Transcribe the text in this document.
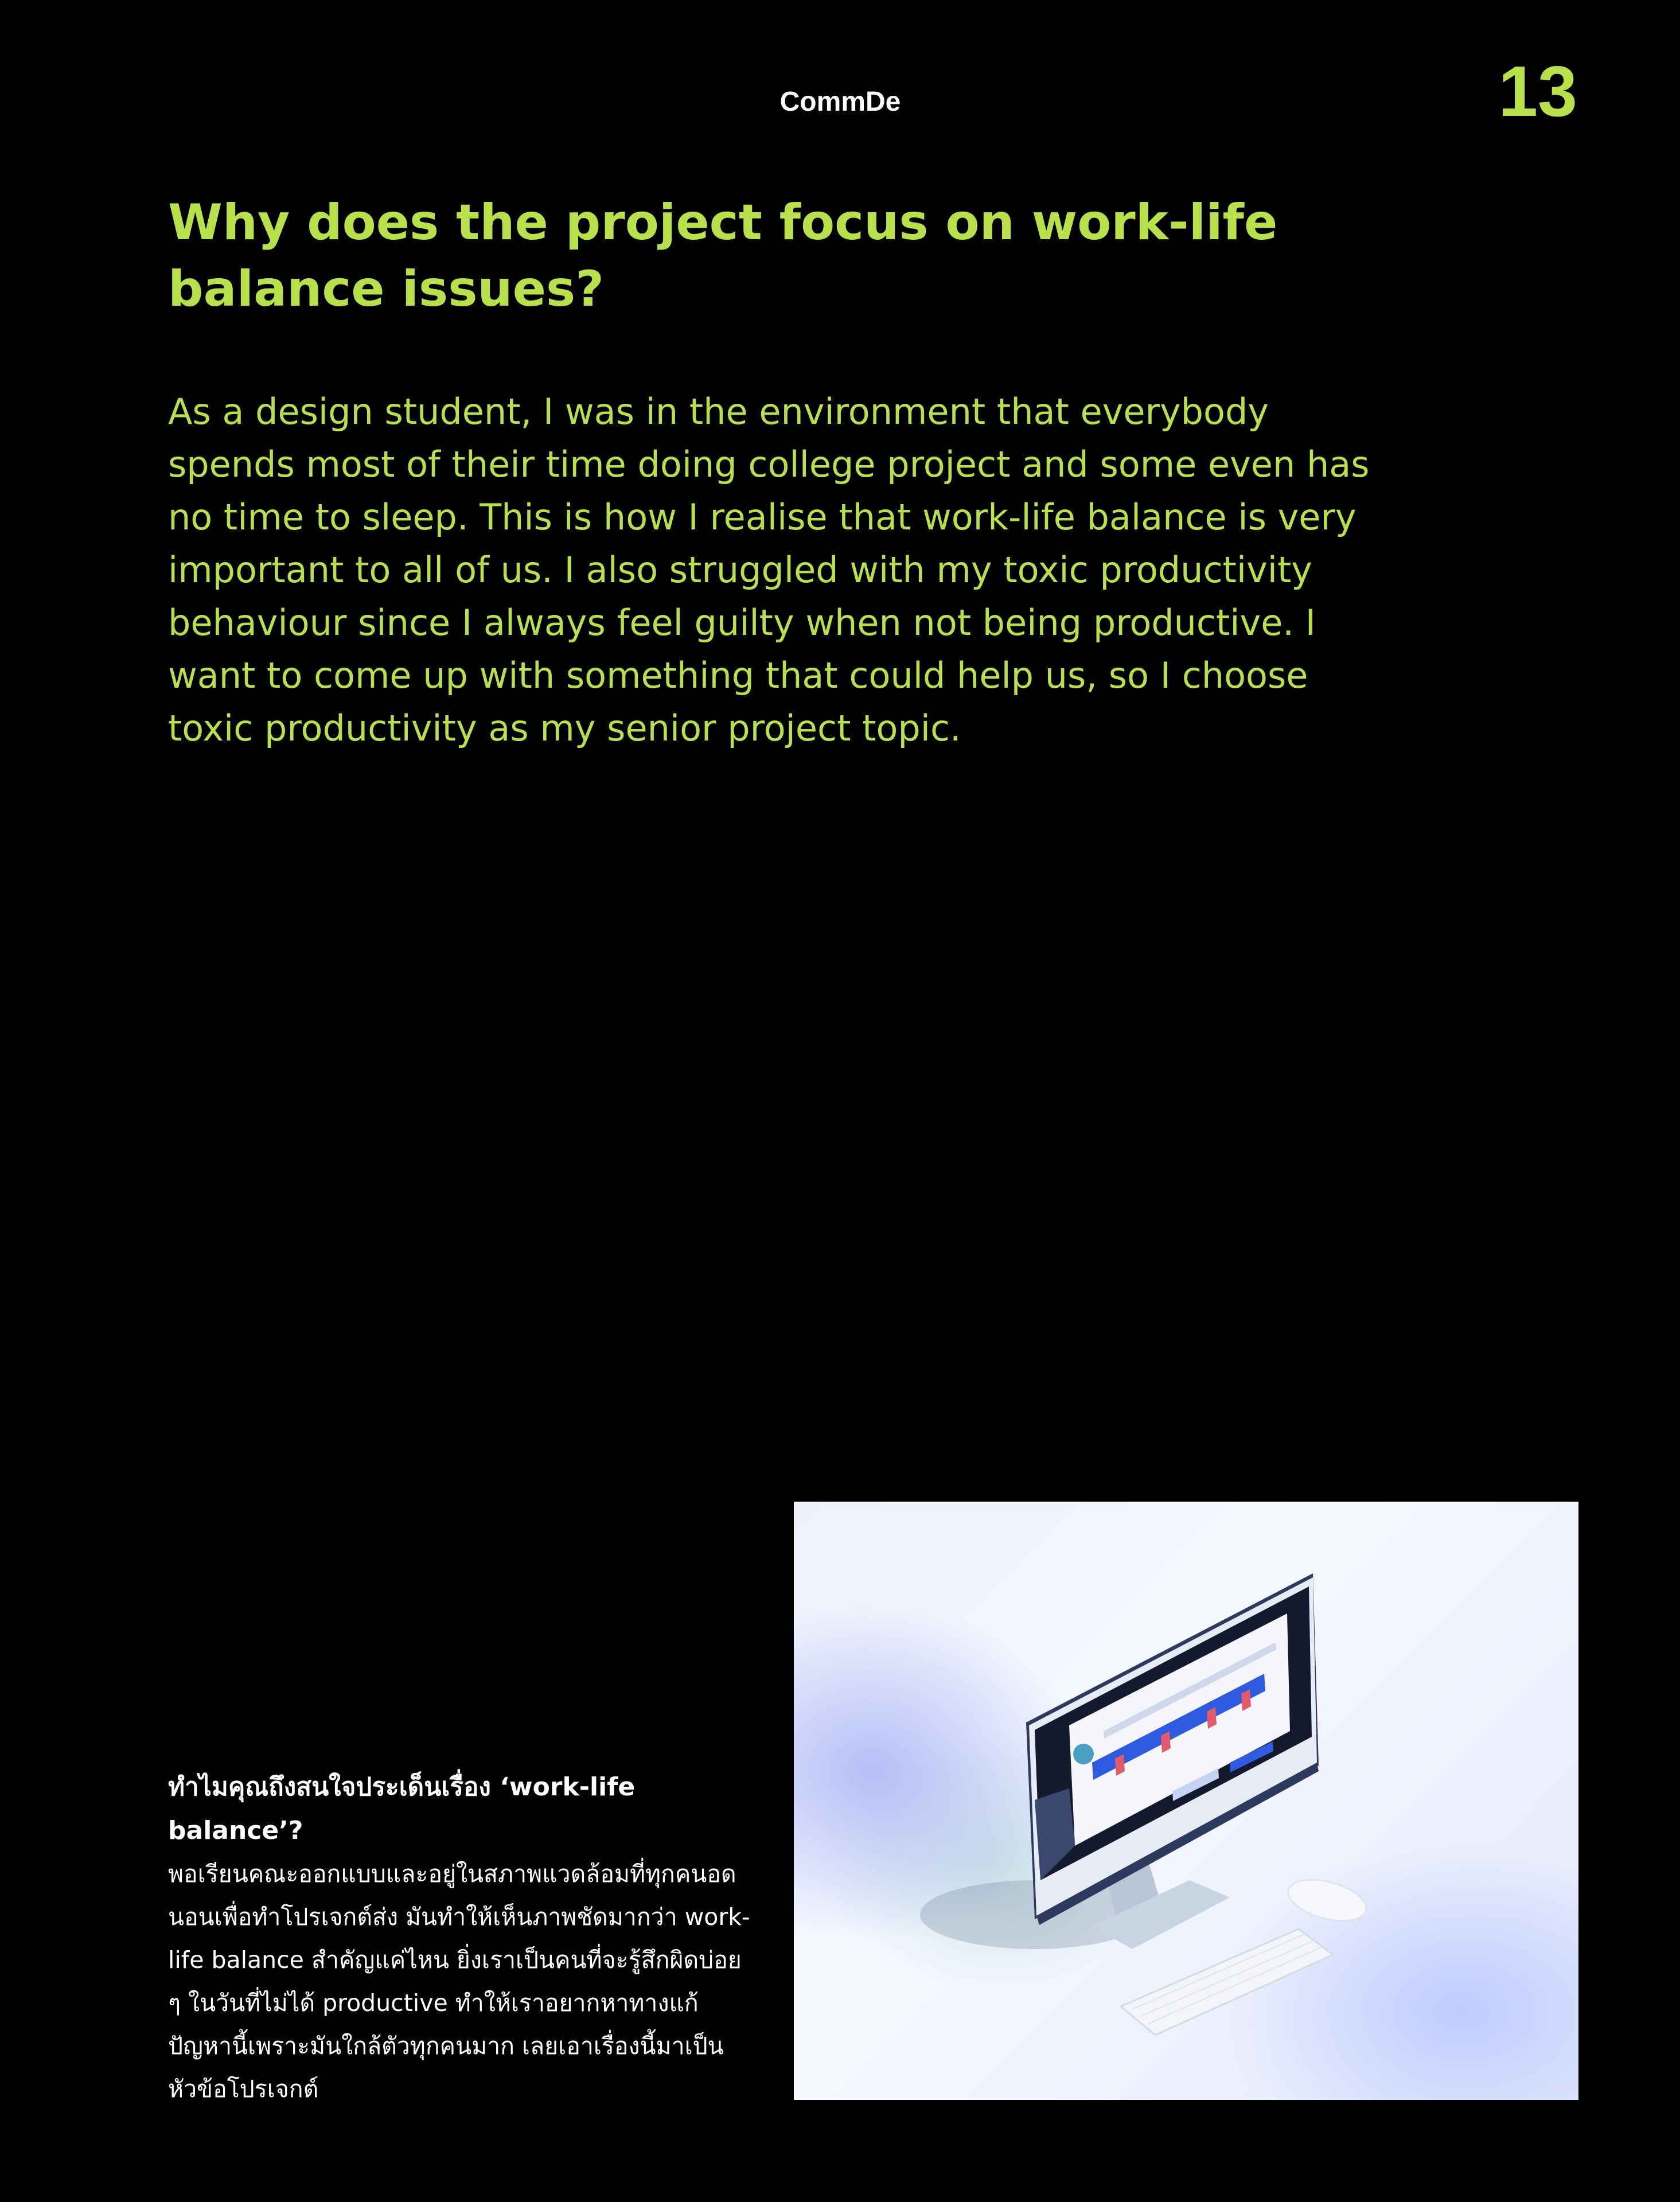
CommDe	13
Why does the project focus on work-life balance issues?

As a design student, I was in the environment that everybody spends most of their time doing college project and some even has no time to sleep. This is how I realise that work-life balance is very important to all of us. I also struggled with my toxic productivity behaviour since I always feel guilty when not being productive. I want to come up with something that could help us, so I choose toxic productivity as my senior project topic.

ทำไมคุณถึงสนใจประเด็นเรื่อง ‘work-life balance’?

พอเรียนคณะออกแบบและอยู่ในสภาพแวดล้อมที่ทุกคนอดนอนเพื่อทำโปรเจกต์ส่ง มันทำให้เห็นภาพชัดมากว่า work-life balance สำคัญแค่ไหน ยิ่งเราเป็นคนที่จะรู้สึกผิดบ่อย ๆ ในวันที่ไม่ได้ productive ทำให้เราอยากหาทางแก้ปัญหานี้เพราะมันใกล้ตัวทุกคนมาก เลยเอาเรื่องนี้มาเป็นหัวข้อโปรเจกต์
